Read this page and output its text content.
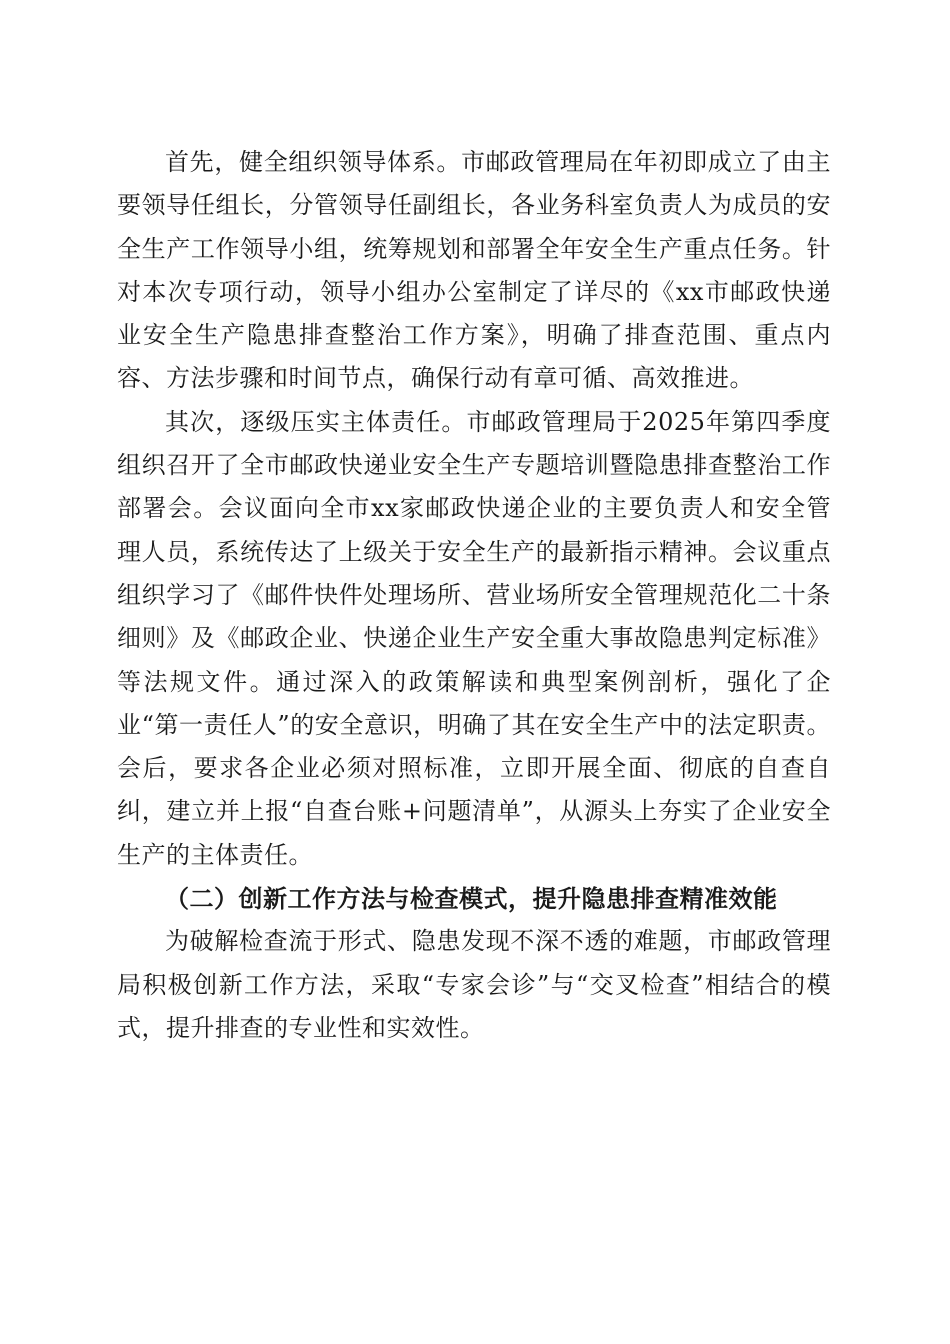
首先，健全组织领导体系。市邮政管理局在年初即成立了由主要领导任组长，分管领导任副组长，各业务科室负责人为成员的安全生产工作领导小组，统筹规划和部署全年安全生产重点任务。针对本次专项行动，领导小组办公室制定了详尽的《xx市邮政快递业安全生产隐患排查整治工作方案》，明确了排查范围、重点内容、方法步骤和时间节点，确保行动有章可循、高效推进。

其次，逐级压实主体责任。市邮政管理局于2025年第四季度组织召开了全市邮政快递业安全生产专题培训暨隐患排查整治工作部署会。会议面向全市xx家邮政快递企业的主要负责人和安全管理人员，系统传达了上级关于安全生产的最新指示精神。会议重点组织学习了《邮件快件处理场所、营业场所安全管理规范化二十条细则》及《邮政企业、快递企业生产安全重大事故隐患判定标准》等法规文件。通过深入的政策解读和典型案例剖析，强化了企业“第一责任人”的安全意识，明确了其在安全生产中的法定职责。会后，要求各企业必须对照标准，立即开展全面、彻底的自查自纠，建立并上报“自查台账+问题清单”，从源头上夯实了企业安全生产的主体责任。

（二）创新工作方法与检查模式，提升隐患排查精准效能

为破解检查流于形式、隐患发现不深不透的难题，市邮政管理局积极创新工作方法，采取“专家会诊”与“交叉检查”相结合的模式，提升排查的专业性和实效性。
